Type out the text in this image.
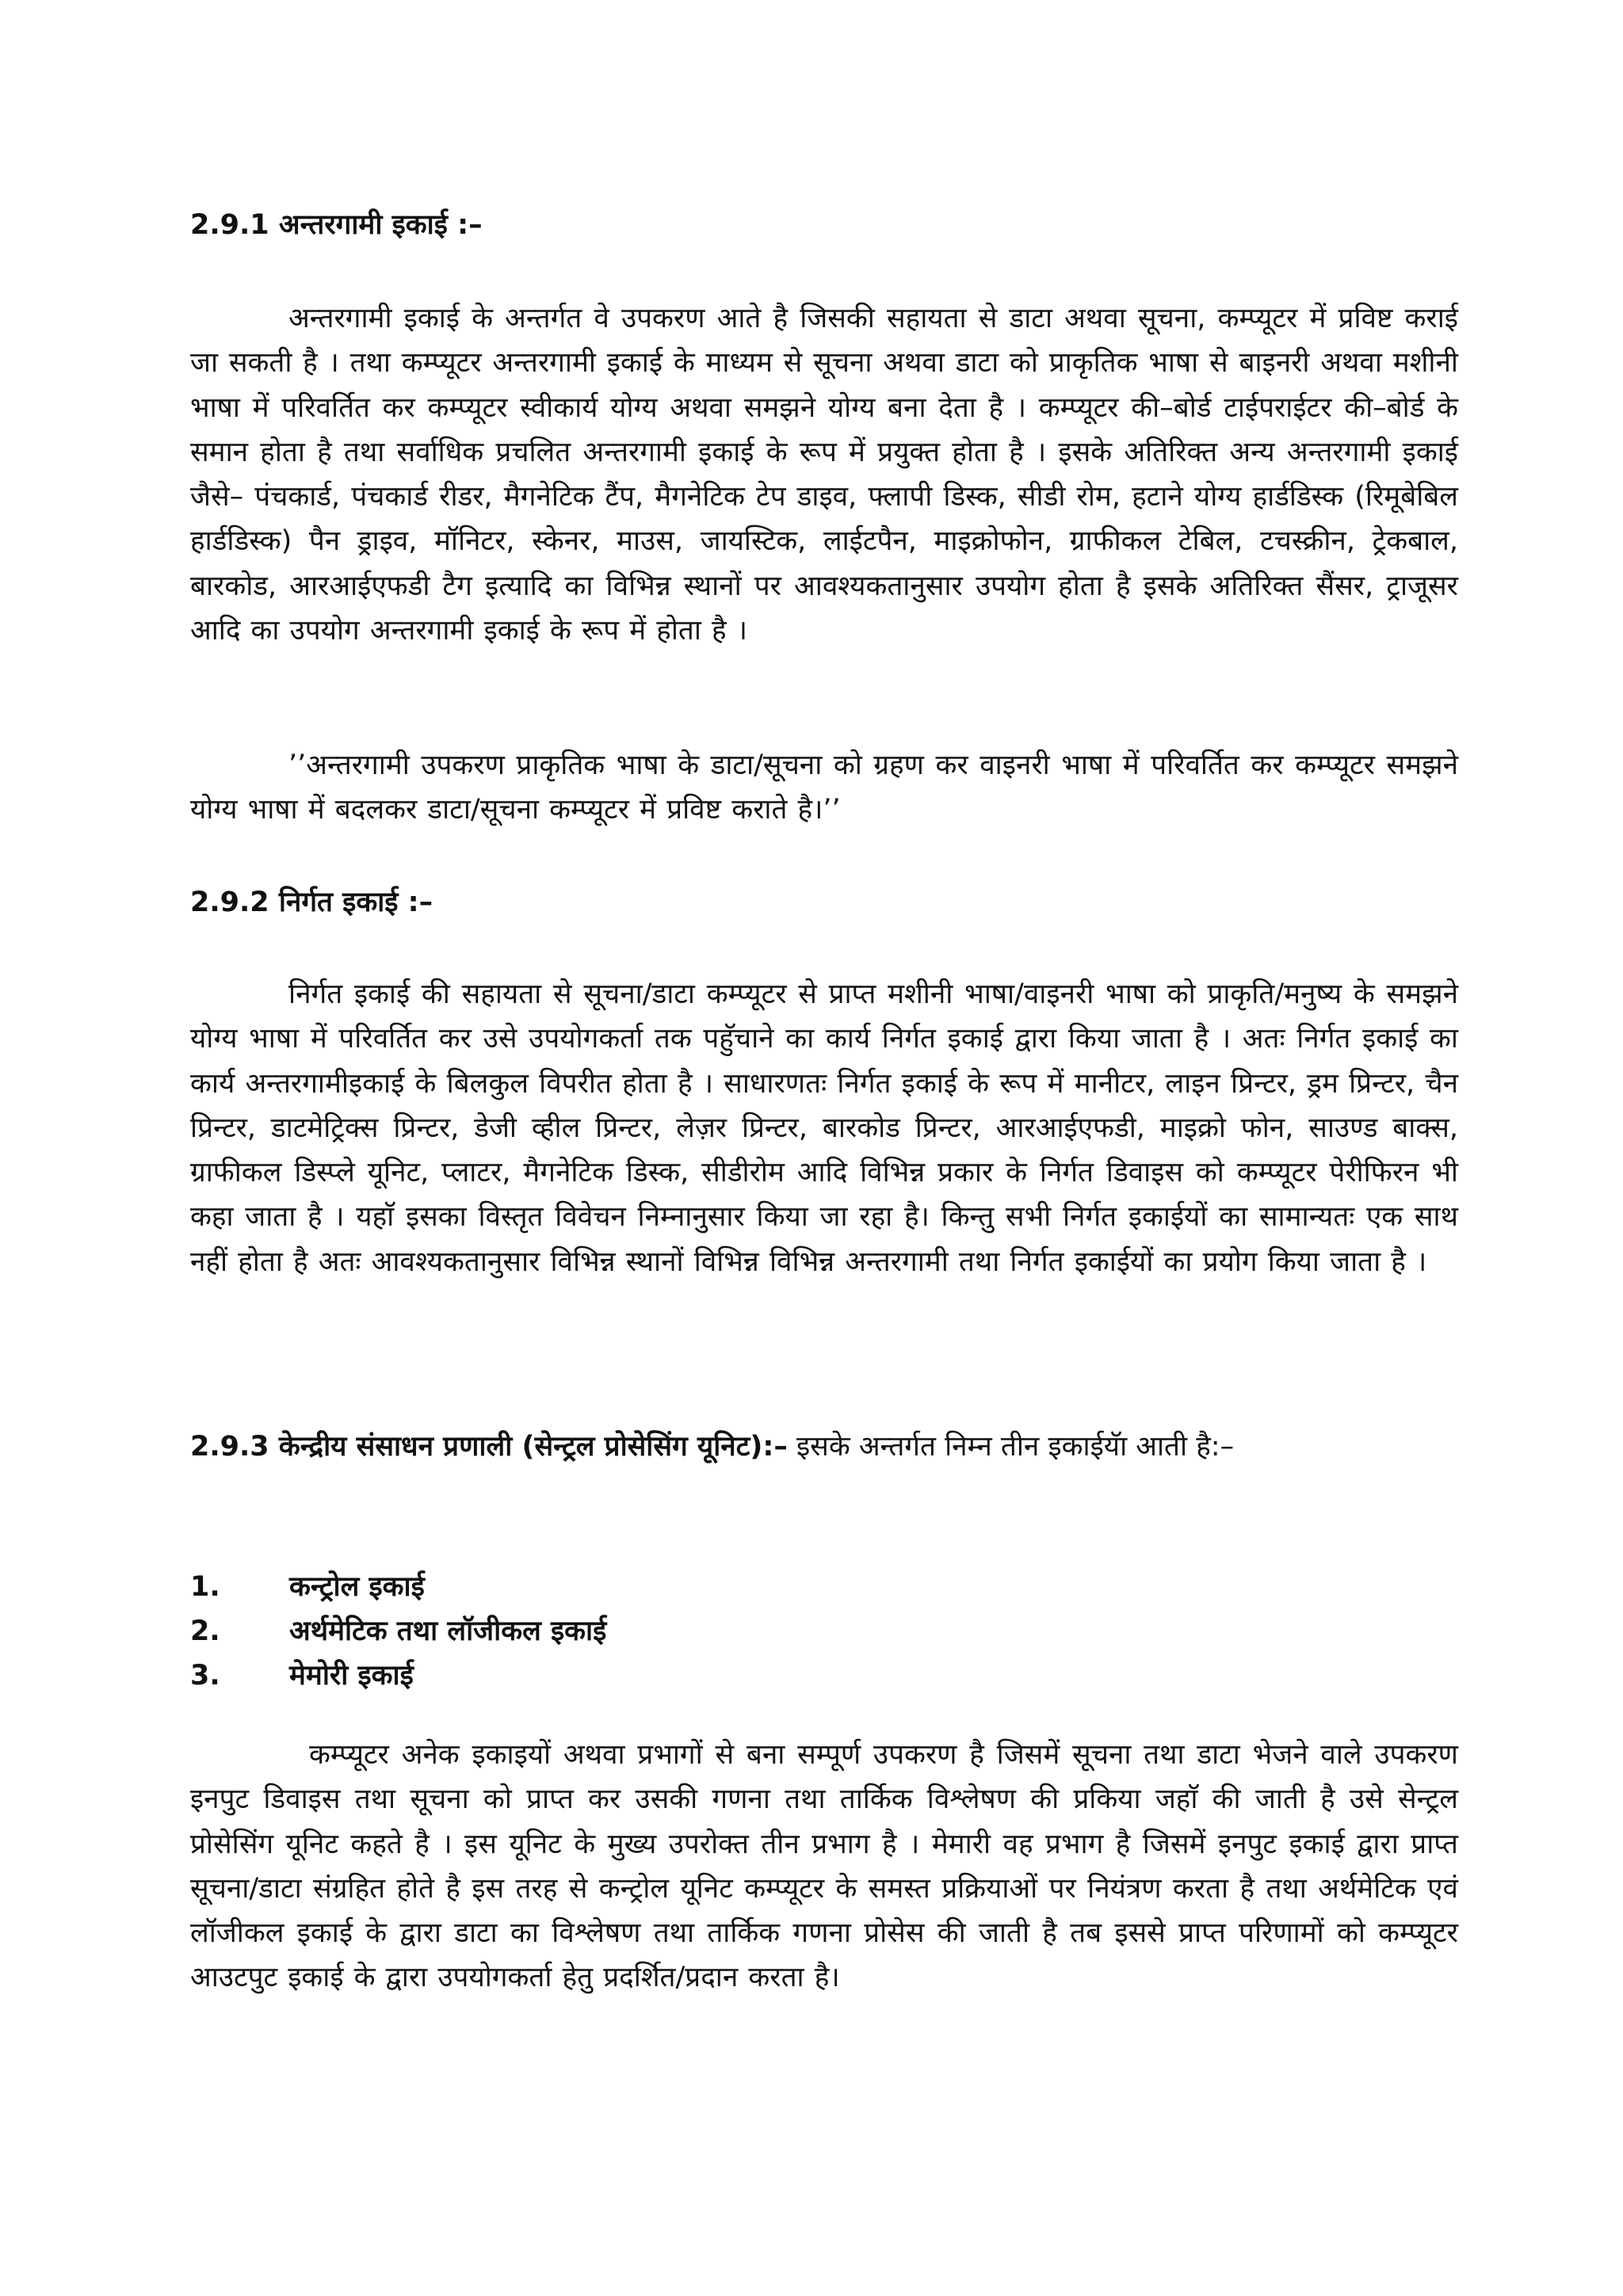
2.9.1 अन्तरगामी इकाई :–

अन्तरगामी इकाई के अन्तर्गत वे उपकरण आते है जिसकी सहायता से डाटा अथवा सूचना, कम्प्यूटर में प्रविष्ट कराई जा सकती है । तथा कम्प्यूटर अन्तरगामी इकाई के माध्यम से सूचना अथवा डाटा को प्राकृतिक भाषा से बाइनरी अथवा मशीनी भाषा में परिवर्तित कर कम्प्यूटर स्वीकार्य योग्य अथवा समझने योग्य बना देता है । कम्प्यूटर की–बोर्ड टाईपराईटर की–बोर्ड के समान होता है तथा सर्वाधिक प्रचलित अन्तरगामी इकाई के रूप में प्रयुक्त होता है । इसके अतिरिक्त अन्य अन्तरगामी इकाई जैसे– पंचकार्ड, पंचकार्ड रीडर, मैगनेटिक टैंप, मैगनेटिक टेप डाइव, फ्लापी डिस्क, सीडी रोम, हटाने योग्य हार्डडिस्क (रिमूबेबिल हार्डडिस्क) पैन ड्राइव, मॉनिटर, स्केनर, माउस, जायस्टिक, लाईटपैन, माइक्रोफोन, ग्राफीकल टेबिल, टचस्क्रीन, ट्रेकबाल, बारकोड, आरआईएफडी टैग इत्यादि का विभिन्न स्थानों पर आवश्यकतानुसार उपयोग होता है इसके अतिरिक्त सैंसर, ट्राजूसर आदि का उपयोग अन्तरगामी इकाई के रूप में होता है ।

’’अन्तरगामी उपकरण प्राकृतिक भाषा के डाटा/सूचना को ग्रहण कर वाइनरी भाषा में परिवर्तित कर कम्प्यूटर समझने योग्य भाषा में बदलकर डाटा/सूचना कम्प्यूटर में प्रविष्ट कराते है।’’

2.9.2 निर्गत इकाई :–

निर्गत इकाई की सहायता से सूचना/डाटा कम्प्यूटर से प्राप्त मशीनी भाषा/वाइनरी भाषा को प्राकृति/मनुष्य के समझने योग्य भाषा में परिवर्तित कर उसे उपयोगकर्ता तक पहुॅचाने का कार्य निर्गत इकाई द्वारा किया जाता है । अतः निर्गत इकाई का कार्य अन्तरगामीइकाई के बिलकुल विपरीत होता है । साधारणतः निर्गत इकाई के रूप में मानीटर, लाइन प्रिन्टर, ड्रम प्रिन्टर, चैन प्रिन्टर, डाटमेट्रिक्स प्रिन्टर, डेजी व्हील प्रिन्टर, लेज़र प्रिन्टर, बारकोड प्रिन्टर, आरआईएफडी, माइक्रो फोन, साउण्ड बाक्स, ग्राफीकल डिस्प्ले यूनिट, प्लाटर, मैगनेटिक डिस्क, सीडीरोम आदि विभिन्न प्रकार के निर्गत डिवाइस को कम्प्यूटर पेरीफिरन भी कहा जाता है । यहाॅ इसका विस्तृत विवेचन निम्नानुसार किया जा रहा है। किन्तु सभी निर्गत इकाईयों का सामान्यतः एक साथ नहीं होता है अतः आवश्यकतानुसार विभिन्न स्थानों विभिन्न विभिन्न अन्तरगामी तथा निर्गत इकाईयों का प्रयोग किया जाता है ।

2.9.3 केन्द्रीय संसाधन प्रणाली (सेन्ट्रल प्रोसेसिंग यूनिट):– इसके अन्तर्गत निम्न तीन इकाईयॅा आती है:–

1.	कन्ट्रोल इकाई
2.	अर्थमेटिक तथा लॉजीकल इकाई
3.	मेमोरी इकाई

कम्प्यूटर अनेक इकाइयों अथवा प्रभागों से बना सम्पूर्ण उपकरण है जिसमें सूचना तथा डाटा भेजने वाले उपकरण इनपुट डिवाइस तथा सूचना को प्राप्त कर उसकी गणना तथा तार्किक विश्लेषण की प्रकिया जहाॅ की जाती है उसे सेन्ट्रल प्रोसेसिंग यूनिट कहते है । इस यूनिट के मुख्य उपरोक्त तीन प्रभाग है । मेमारी वह प्रभाग है जिसमें इनपुट इकाई द्वारा प्राप्त सूचना/डाटा संग्रहित होते है इस तरह से कन्ट्रोल यूनिट कम्प्यूटर के समस्त प्रक्रियाओं पर नियंत्रण करता है तथा अर्थमेटिक एवं लॉजीकल इकाई के द्वारा डाटा का विश्लेषण तथा तार्किक गणना प्रोसेस की जाती है तब इससे प्राप्त परिणामों को कम्प्यूटर आउटपुट इकाई के द्वारा उपयोगकर्ता हेतु प्रदर्शित/प्रदान करता है।
